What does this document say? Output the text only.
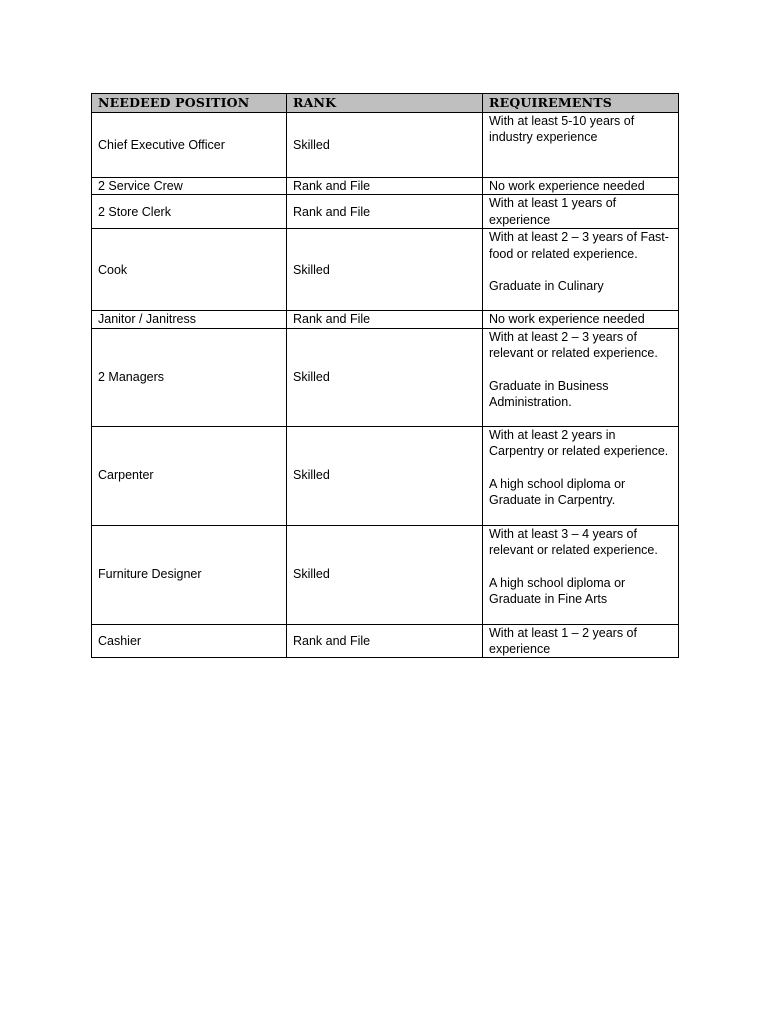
NEEDEED POSITION	RANK	REQUIREMENTS
Chief Executive Officer	Skilled	With at least 5-10 years of industry experience

2 Service Crew	Rank and File	No work experience needed

2 Store Clerk	Rank and File	With at least 1 years of experience

Cook	Skilled	With at least 2 – 3 years of Fast-food or related experience.
Graduate in Culinary

Janitor / Janitress	Rank and File	No work experience needed

2 Managers	Skilled	With at least 2 – 3 years of relevant or related experience.
Graduate in Business Administration.

Carpenter	Skilled	With at least 2 years in Carpentry or related experience.
A high school diploma or Graduate in Carpentry.

Furniture Designer	Skilled	With at least 3 – 4 years of relevant or related experience.
A high school diploma or Graduate in Fine Arts

Cashier	Rank and File	With at least 1 – 2 years of experience
